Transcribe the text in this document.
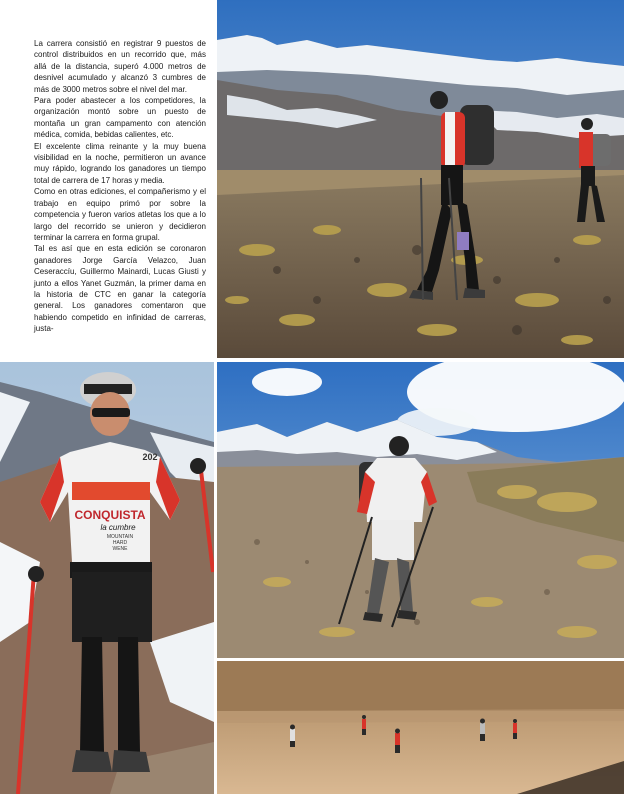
La carrera consistió en registrar 9 puestos de control distribuidos en un recorrido que, más allá de la distancia, superó 4.000 metros de desnivel acumulado y alcanzó 3 cumbres de más de 3000 metros sobre el nivel del mar.

Para poder abastecer a los competidores, la organización montó sobre un puesto de montaña un gran campamento con atención médica, comida, bebidas calientes, etc.

El excelente clima reinante y la muy buena visibilidad en la noche, permitieron un avance muy rápido, logrando los ganadores un tiempo total de carrera de 17 horas y media.

Como en otras ediciones, el compañerismo y el trabajo en equipo primó por sobre la competencia y fueron varios atletas los que a lo largo del recorrido se unieron y decidieron terminar la carrera en forma grupal.

Tal es así que en esta edición se coronaron ganadores Jorge García Velazco, Juan Ceseraccíu, Guillermo Mainardi, Lucas Giusti y junto a ellos Yanet Guzmán, la primer dama en la historia de CTC en ganar la categoría general. Los ganadores comentaron que habiendo competido en infinidad de carreras, justa-

CONQUISTA
la cumbre
MOUNTAIN
HARD
WENE
202
